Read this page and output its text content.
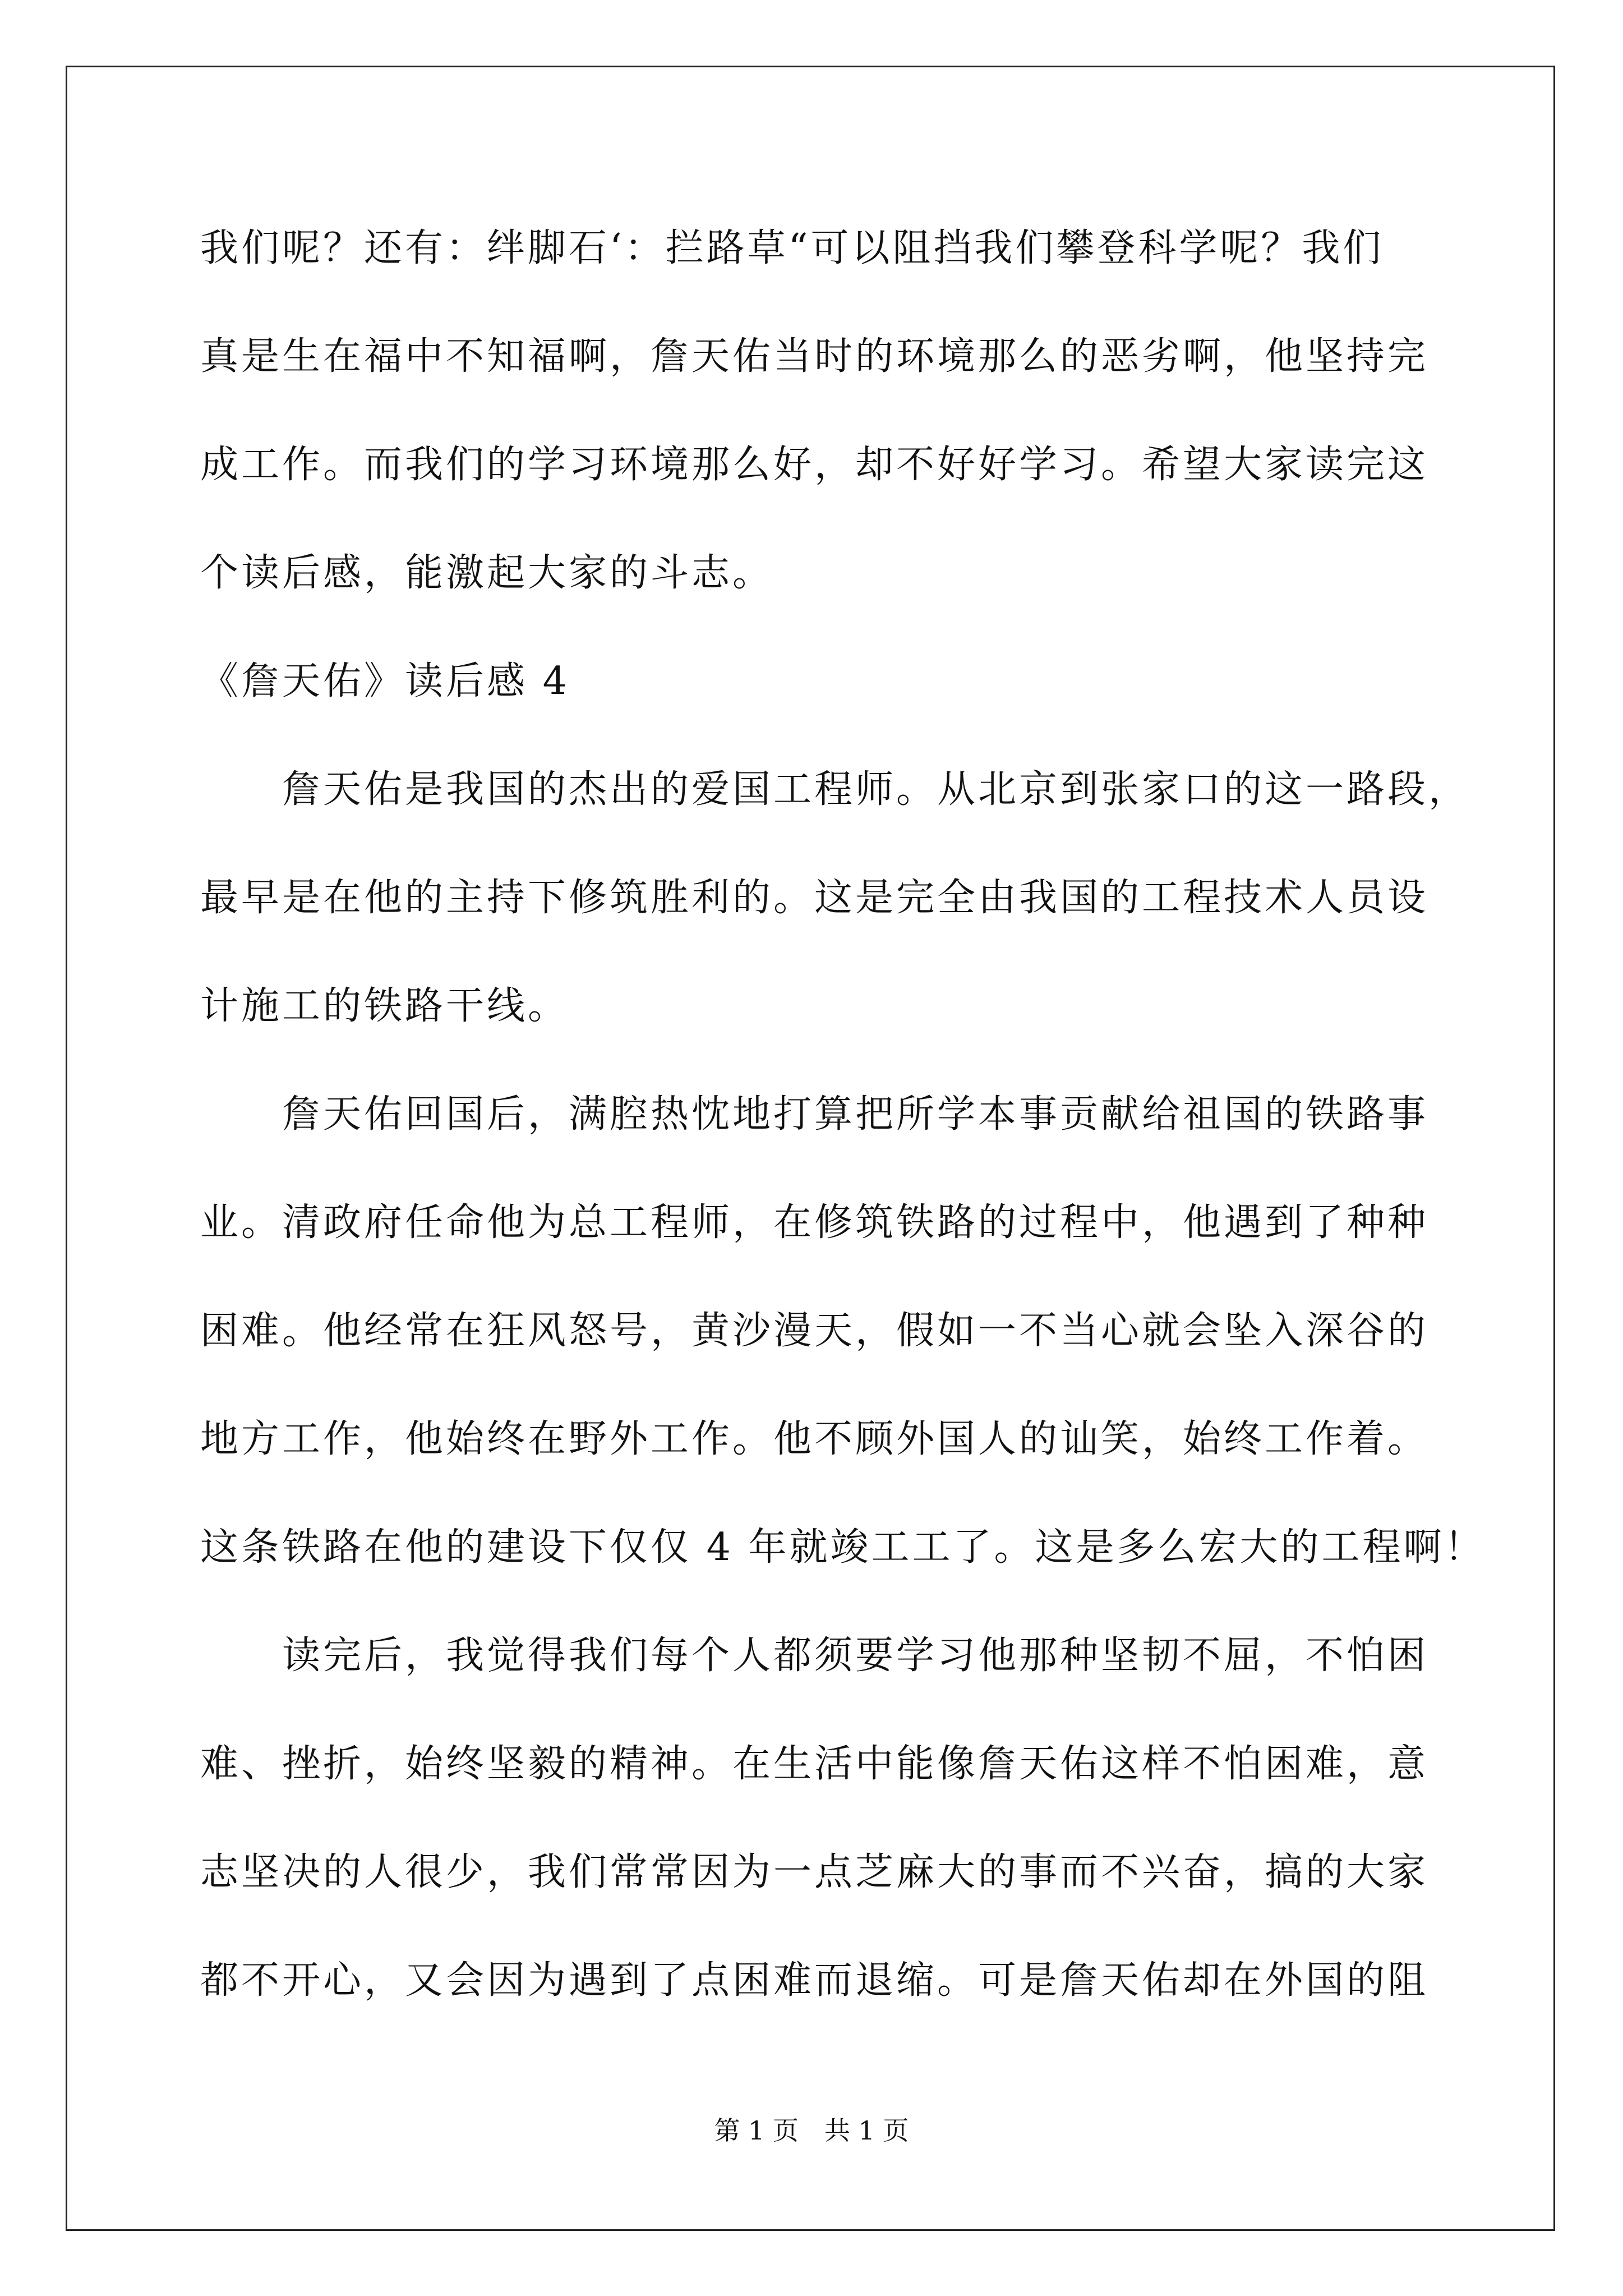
我们呢？还有：绊脚石‘：拦路草“可以阻挡我们攀登科学呢？我们
真是生在福中不知福啊，詹天佑当时的环境那么的恶劣啊，他坚持完
成工作。而我们的学习环境那么好，却不好好学习。希望大家读完这
个读后感，能激起大家的斗志。
《詹天佑》读后感 4
　　詹天佑是我国的杰出的爱国工程师。从北京到张家口的这一路段，
最早是在他的主持下修筑胜利的。这是完全由我国的工程技术人员设
计施工的铁路干线。
　　詹天佑回国后，满腔热忱地打算把所学本事贡献给祖国的铁路事
业。清政府任命他为总工程师，在修筑铁路的过程中，他遇到了种种
困难。他经常在狂风怒号，黄沙漫天，假如一不当心就会坠入深谷的
地方工作，他始终在野外工作。他不顾外国人的讪笑，始终工作着。
这条铁路在他的建设下仅仅 4 年就竣工工了。这是多么宏大的工程啊！
　　读完后，我觉得我们每个人都须要学习他那种坚韧不屈，不怕困
难、挫折，始终坚毅的精神。在生活中能像詹天佑这样不怕困难，意
志坚决的人很少，我们常常因为一点芝麻大的事而不兴奋，搞的大家
都不开心，又会因为遇到了点困难而退缩。可是詹天佑却在外国的阻
第 1 页　共 1 页
